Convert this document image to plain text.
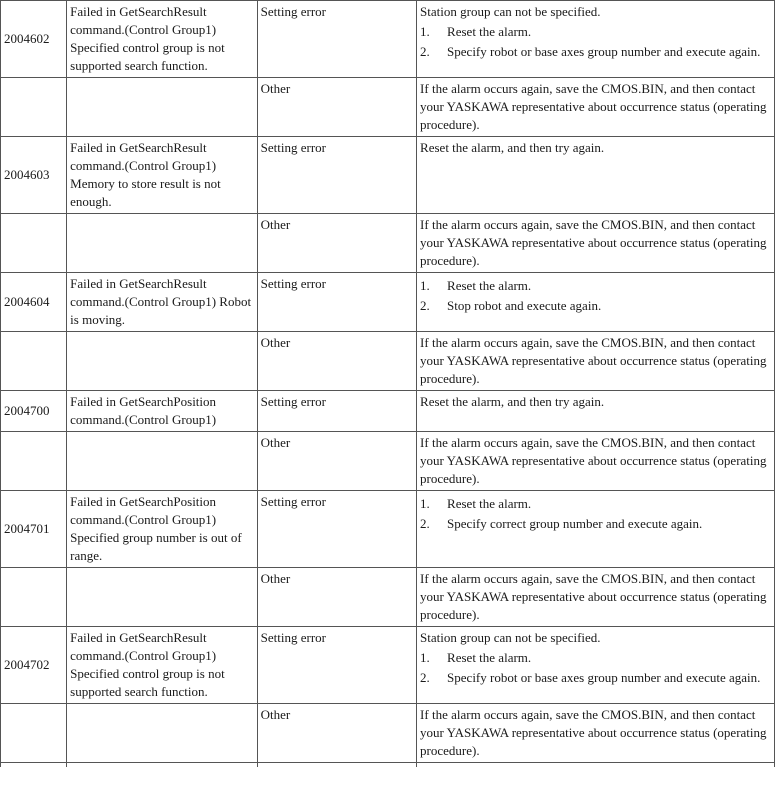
2004602	Failed in GetSearchResult command.(Control Group1) Specified control group is not supported search function.	Setting error	Station group can not be specified.
1. Reset the alarm.
2. Specify robot or base axes group number and execute again.

		Other	If the alarm occurs again, save the CMOS.BIN, and then contact your YASKAWA representative about occurrence status (operating procedure).
2004603	Failed in GetSearchResult command.(Control Group1) Memory to store result is not enough.	Setting error	Reset the alarm, and then try again.

		Other	If the alarm occurs again, save the CMOS.BIN, and then contact your YASKAWA representative about occurrence status (operating procedure).
2004604	Failed in GetSearchResult command.(Control Group1) Robot is moving.	Setting error	1. Reset the alarm.
2. Stop robot and execute again.

		Other	If the alarm occurs again, save the CMOS.BIN, and then contact your YASKAWA representative about occurrence status (operating procedure).
2004700	Failed in GetSearchPosition command.(Control Group1)	Setting error	Reset the alarm, and then try again.

		Other	If the alarm occurs again, save the CMOS.BIN, and then contact your YASKAWA representative about occurrence status (operating procedure).
2004701	Failed in GetSearchPosition command.(Control Group1) Specified group number is out of range.	Setting error	1. Reset the alarm.
2. Specify correct group number and execute again.

		Other	If the alarm occurs again, save the CMOS.BIN, and then contact your YASKAWA representative about occurrence status (operating procedure).
2004702	Failed in GetSearchResult command.(Control Group1) Specified control group is not supported search function.	Setting error	Station group can not be specified.
1. Reset the alarm.
2. Specify robot or base axes group number and execute again.

		Other	If the alarm occurs again, save the CMOS.BIN, and then contact your YASKAWA representative about occurrence status (operating procedure).
